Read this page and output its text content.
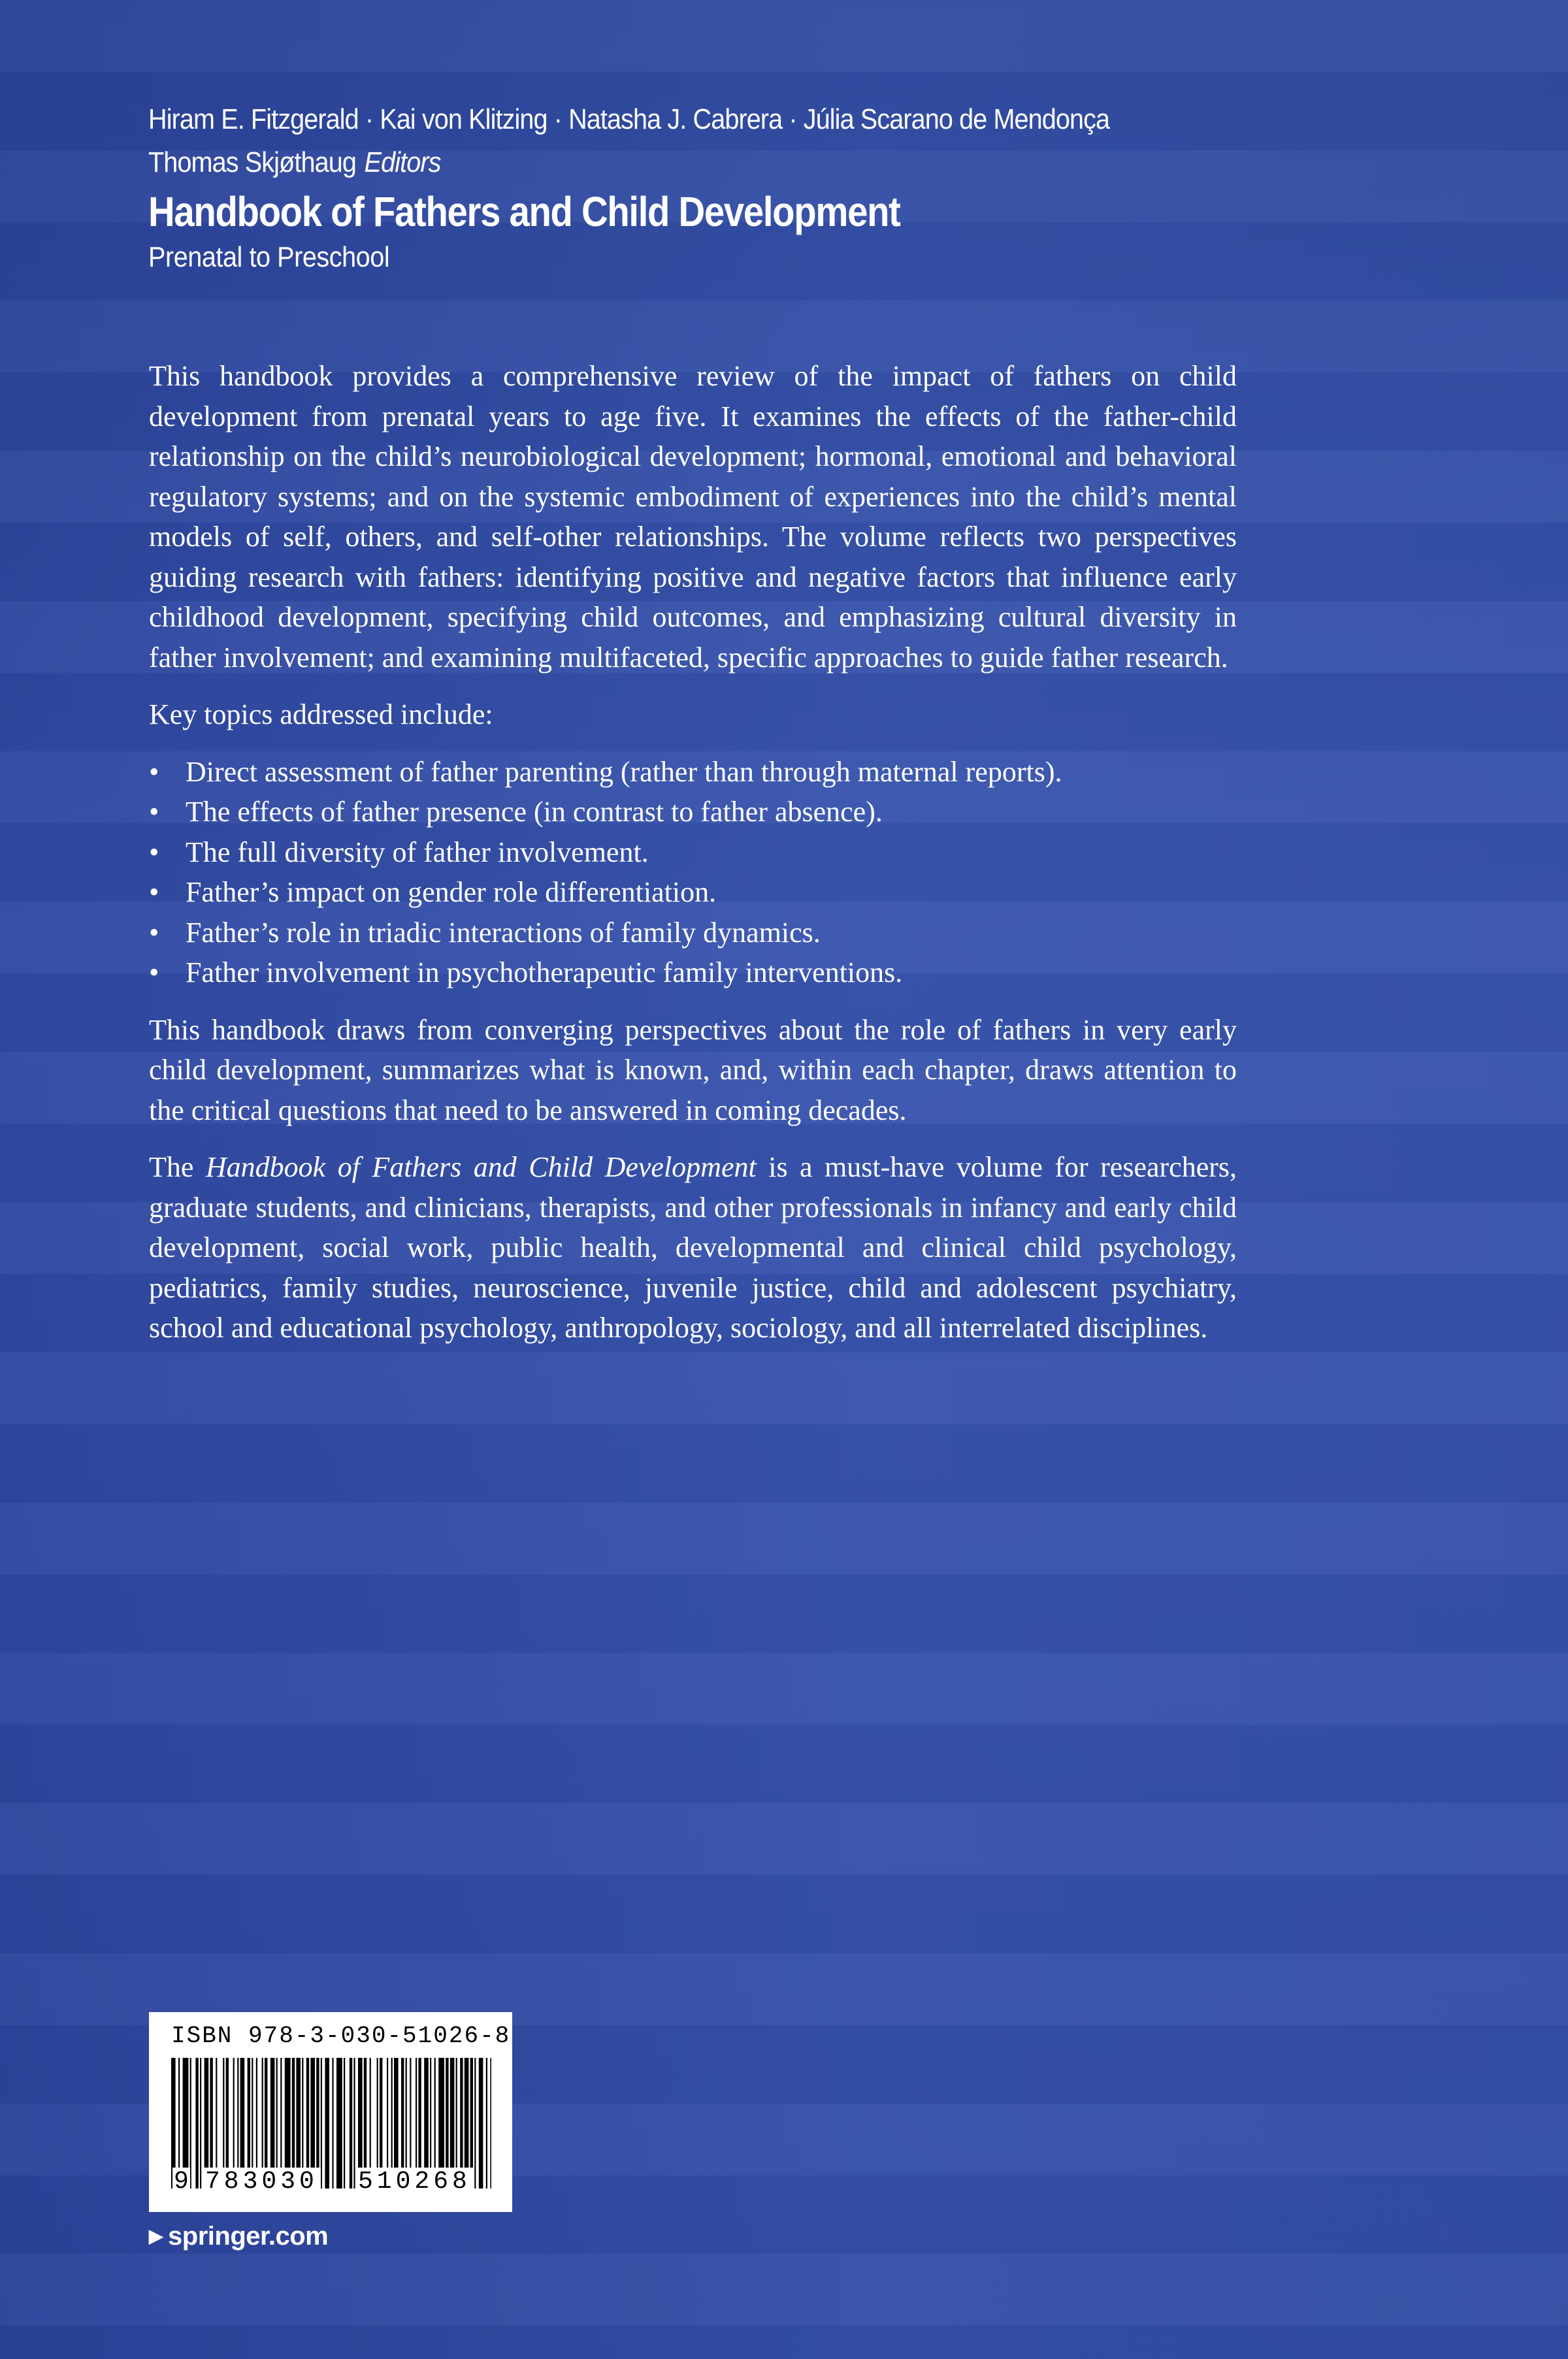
Hiram E. Fitzgerald · Kai von Klitzing · Natasha J. Cabrera · Júlia Scarano de Mendonça
Thomas Skjøthaug Editors
Handbook of Fathers and Child Development
Prenatal to Preschool

This handbook provides a comprehensive review of the impact of fathers on child development from prenatal years to age five. It examines the effects of the father-child relationship on the child’s neurobiological development; hormonal, emotional and behavioral regulatory systems; and on the systemic embodiment of experiences into the child’s mental models of self, others, and self-other relationships. The volume reflects two perspectives guiding research with fathers: identifying positive and negative factors that influence early childhood development, specifying child outcomes, and emphasizing cultural diversity in father involvement; and examining multifaceted, specific approaches to guide father research.

Key topics addressed include:

• Direct assessment of father parenting (rather than through maternal reports).
• The effects of father presence (in contrast to father absence).
• The full diversity of father involvement.
• Father’s impact on gender role differentiation.
• Father’s role in triadic interactions of family dynamics.
• Father involvement in psychotherapeutic family interventions.

This handbook draws from converging perspectives about the role of fathers in very early child development, summarizes what is known, and, within each chapter, draws attention to the critical questions that need to be answered in coming decades.

The Handbook of Fathers and Child Development is a must-have volume for researchers, graduate students, and clinicians, therapists, and other professionals in infancy and early child development, social work, public health, developmental and clinical child psychology, pediatrics, family studies, neuroscience, juvenile justice, child and adolescent psychiatry, school and educational psychology, anthropology, sociology, and all interrelated disciplines.

ISBN 978-3-030-51026-8
9 783030 510268
▶ springer.com
